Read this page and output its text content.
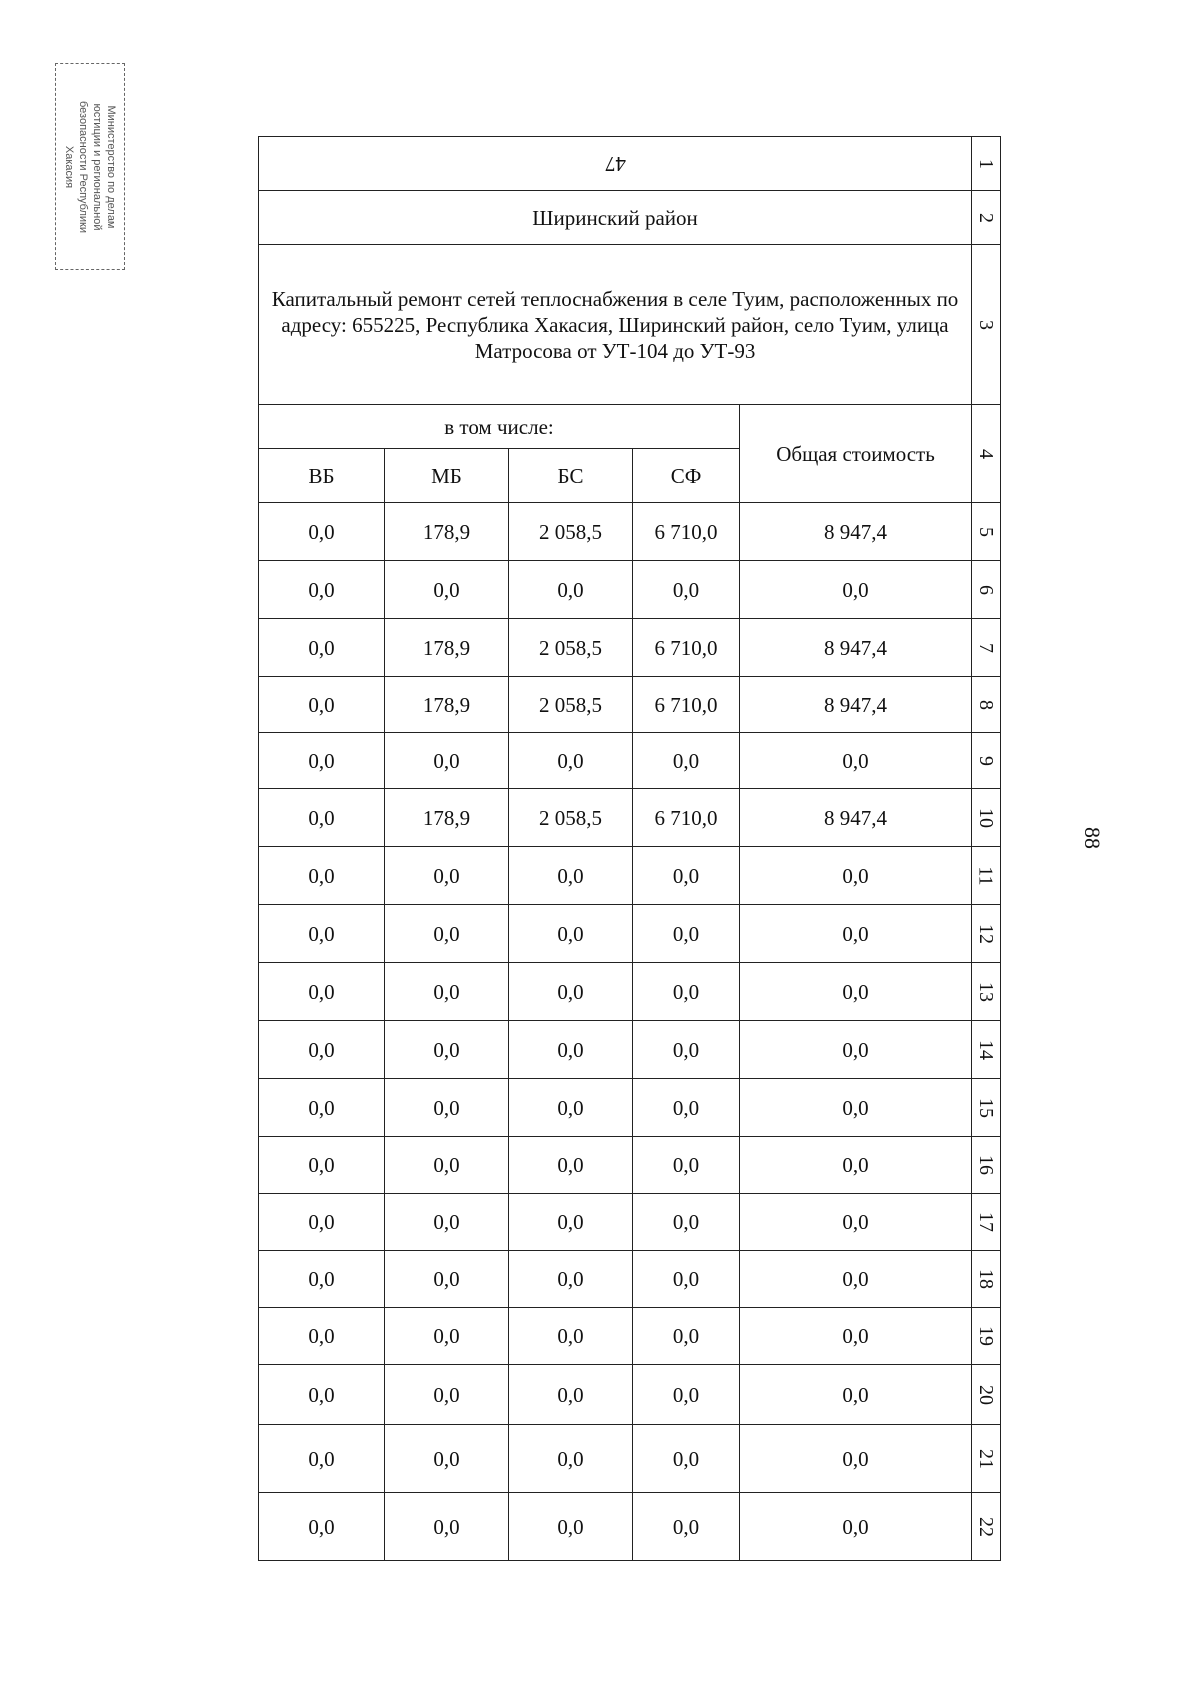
Министерство по делам
юстиции и региональной
безопасности Республики
Хакасия
88
47					1
Ширинский район					2
Капитальный ремонт сетей теплоснабжения в селе Туим, расположенных по адресу: 655225, Республика Хакасия, Ширинский район, село Туим, улица Матросова от УТ-104 до УТ-93					3
в том числе:				Общая стоимость	4
ВБ	МБ	БС	СФ		
0,0	178,9	2 058,5	6 710,0	8 947,4	5
0,0	0,0	0,0	0,0	0,0	6
0,0	178,9	2 058,5	6 710,0	8 947,4	7
0,0	178,9	2 058,5	6 710,0	8 947,4	8
0,0	0,0	0,0	0,0	0,0	9
0,0	178,9	2 058,5	6 710,0	8 947,4	10
0,0	0,0	0,0	0,0	0,0	11
0,0	0,0	0,0	0,0	0,0	12
0,0	0,0	0,0	0,0	0,0	13
0,0	0,0	0,0	0,0	0,0	14
0,0	0,0	0,0	0,0	0,0	15
0,0	0,0	0,0	0,0	0,0	16
0,0	0,0	0,0	0,0	0,0	17
0,0	0,0	0,0	0,0	0,0	18
0,0	0,0	0,0	0,0	0,0	19
0,0	0,0	0,0	0,0	0,0	20
0,0	0,0	0,0	0,0	0,0	21
0,0	0,0	0,0	0,0	0,0	22
